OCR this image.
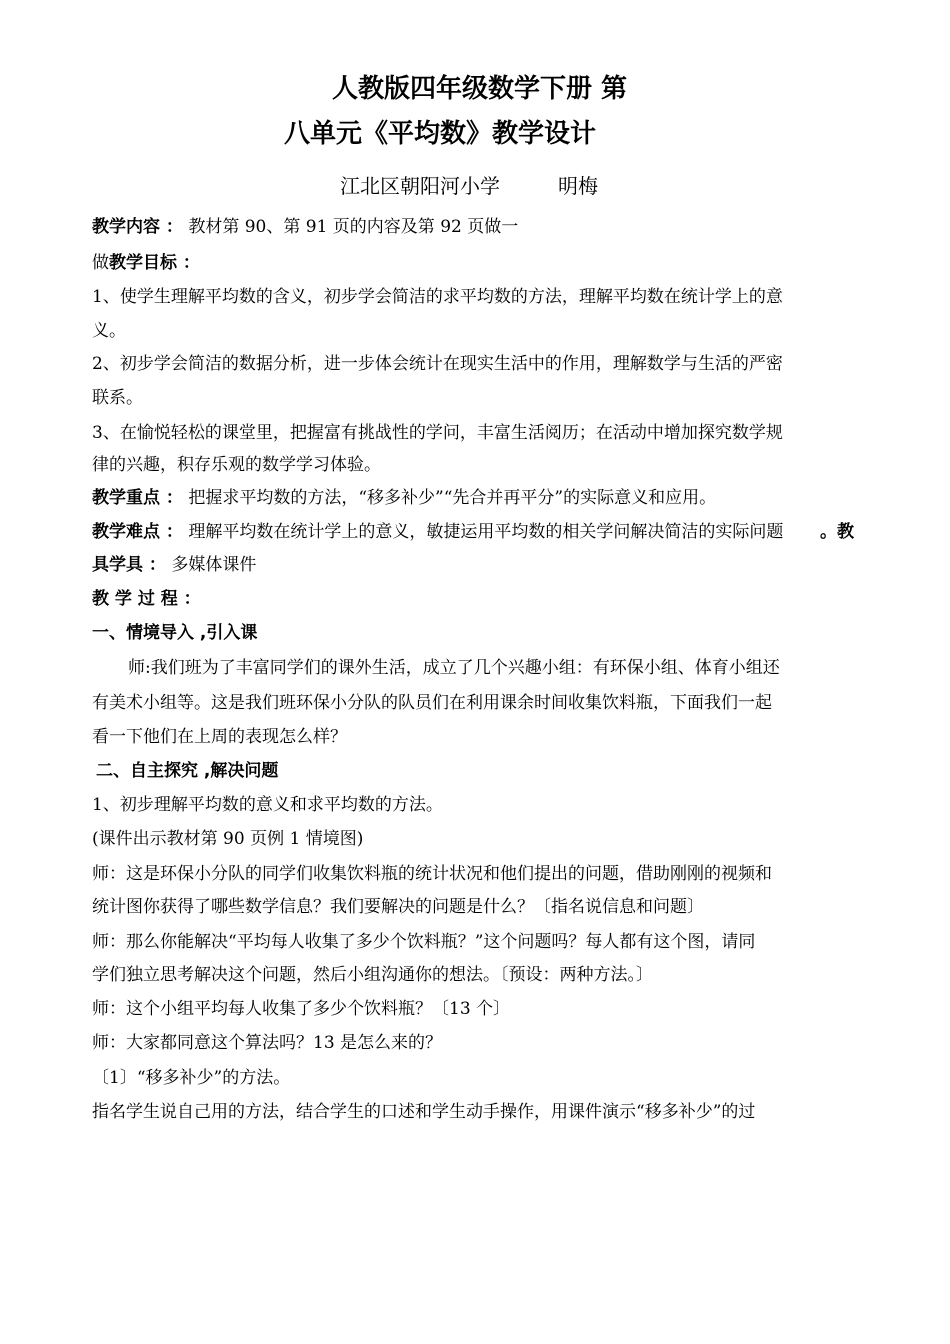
人教版四年级数学下册 第
八单元《平均数》教学设计
江北区朝阳河小学	明梅
教学内容 ： 教材第 90、第 91 页的内容及第 92 页做一
做教学目标 ：
1、使学生理解平均数的含义，初步学会简洁的求平均数的方法，理解平均数在统计学上的意
义。
2、初步学会简洁的数据分析，进一步体会统计在现实生活中的作用，理解数学与生活的严密
联系。
3、在愉悦轻松的课堂里，把握富有挑战性的学问，丰富生活阅历；在活动中增加探究数学规
律的兴趣，积存乐观的数学学习体验。
教学重点 ： 把握求平均数的方法，“移多补少”“先合并再平分”的实际意义和应用。
教学难点 ： 理解平均数在统计学上的意义，敏捷运用平均数的相关学问解决简洁的实际问题 。教
具学具 ： 多媒体课件
教 学 过 程 ：
一、情境导入 ,引入课
师:我们班为了丰富同学们的课外生活，成立了几个兴趣小组：有环保小组、体育小组还
有美术小组等。这是我们班环保小分队的队员们在利用课余时间收集饮料瓶，下面我们一起
看一下他们在上周的表现怎么样？
二、自主探究 ,解决问题
1、初步理解平均数的意义和求平均数的方法。
(课件出示教材第 90 页例 1 情境图)
师：这是环保小分队的同学们收集饮料瓶的统计状况和他们提出的问题，借助刚刚的视频和
统计图你获得了哪些数学信息？我们要解决的问题是什么？〔指名说信息和问题〕
师：那么你能解决“平均每人收集了多少个饮料瓶？”这个问题吗？每人都有这个图，请同
学们独立思考解决这个问题，然后小组沟通你的想法。〔预设：两种方法。〕
师：这个小组平均每人收集了多少个饮料瓶？〔13 个〕
师：大家都同意这个算法吗？13 是怎么来的？
〔1〕“移多补少”的方法。
指名学生说自己用的方法，结合学生的口述和学生动手操作，用课件演示“移多补少”的过
